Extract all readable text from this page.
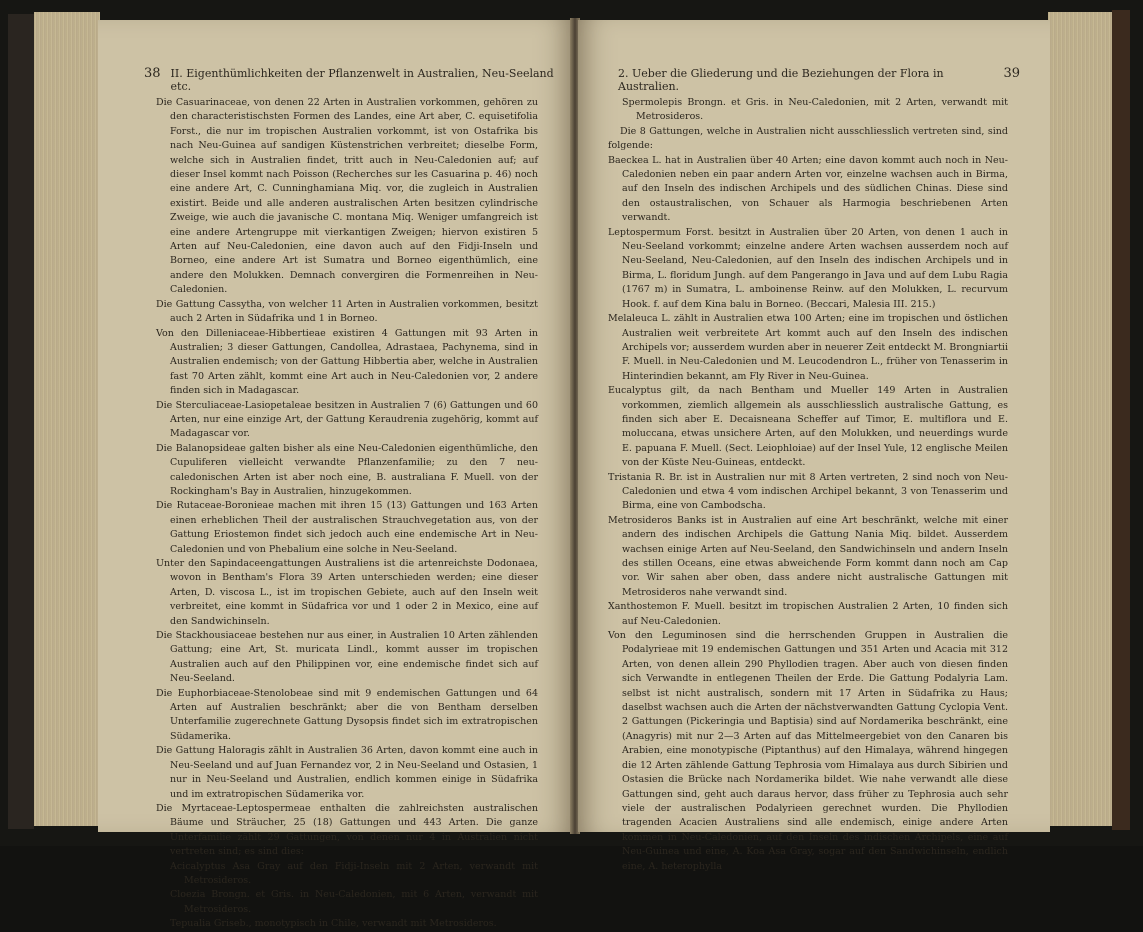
38 II. Eigenthümlichkeiten der Pflanzenwelt in Australien, Neu-Seeland etc.

Die Casuarinaceae, von denen 22 Arten in Australien vorkommen, gehören zu den characteristischsten Formen des Landes, eine Art aber, C. equisetifolia Forst., die nur im tropischen Australien vorkommt, ist von Ostafrika bis nach Neu-Guinea auf sandigen Küstenstrichen verbreitet; dieselbe Form, welche sich in Australien findet, tritt auch in Neu-Caledonien auf; auf dieser Insel kommt nach Poisson (Recherches sur les Casuarina p. 46) noch eine andere Art, C. Cunninghamiana Miq. vor, die zugleich in Australien existirt. Beide und alle anderen australischen Arten besitzen cylindrische Zweige, wie auch die javanische C. montana Miq. Weniger umfangreich ist eine andere Artengruppe mit vierkantigen Zweigen; hiervon existiren 5 Arten auf Neu-Caledonien, eine davon auch auf den Fidji-Inseln und Borneo, eine andere Art ist Sumatra und Borneo eigenthümlich, eine andere den Molukken. Demnach convergiren die Formenreihen in Neu-Caledonien.

Die Gattung Cassytha, von welcher 11 Arten in Australien vorkommen, besitzt auch 2 Arten in Südafrika und 1 in Borneo.

Von den Dilleniaceae-Hibbertieae existiren 4 Gattungen mit 93 Arten in Australien; 3 dieser Gattungen, Candollea, Adrastaea, Pachynema, sind in Australien endemisch; von der Gattung Hibbertia aber, welche in Australien fast 70 Arten zählt, kommt eine Art auch in Neu-Caledonien vor, 2 andere finden sich in Madagascar.

Die Sterculiaceae-Lasiopetaleae besitzen in Australien 7 (6) Gattungen und 60 Arten, nur eine einzige Art, der Gattung Keraudrenia zugehörig, kommt auf Madagascar vor.

Die Balanopsideae galten bisher als eine Neu-Caledonien eigenthümliche, den Cupuliferen vielleicht verwandte Pflanzenfamilie; zu den 7 neu-caledonischen Arten ist aber noch eine, B. australiana F. Muell. von der Rockingham's Bay in Australien, hinzugekommen.

Die Rutaceae-Boronieae machen mit ihren 15 (13) Gattungen und 163 Arten einen erheblichen Theil der australischen Strauchvegetation aus, von der Gattung Eriostemon findet sich jedoch auch eine endemische Art in Neu-Caledonien und von Phebalium eine solche in Neu-Seeland.

Unter den Sapindaceengattungen Australiens ist die artenreichste Dodonaea, wovon in Bentham's Flora 39 Arten unterschieden werden; eine dieser Arten, D. viscosa L., ist im tropischen Gebiete, auch auf den Inseln weit verbreitet, eine kommt in Südafrica vor und 1 oder 2 in Mexico, eine auf den Sandwichinseln.

Die Stackhousiaceae bestehen nur aus einer, in Australien 10 Arten zählenden Gattung; eine Art, St. muricata Lindl., kommt ausser im tropischen Australien auch auf den Philippinen vor, eine endemische findet sich auf Neu-Seeland.

Die Euphorbiaceae-Stenolobeae sind mit 9 endemischen Gattungen und 64 Arten auf Australien beschränkt; aber die von Bentham derselben Unterfamilie zugerechnete Gattung Dysopsis findet sich im extratropischen Südamerika.

Die Gattung Haloragis zählt in Australien 36 Arten, davon kommt eine auch in Neu-Seeland und auf Juan Fernandez vor, 2 in Neu-Seeland und Ostasien, 1 nur in Neu-Seeland und Australien, endlich kommen einige in Südafrika und im extratropischen Südamerika vor.

Die Myrtaceae-Leptospermeae enthalten die zahlreichsten australischen Bäume und Sträucher, 25 (18) Gattungen und 443 Arten. Die ganze Unterfamilie zählt 29 Gattungen, von denen nur 4 in Australien nicht vertreten sind; es sind dies:

Acicalyptus Asa Gray auf den Fidji-Inseln mit 2 Arten, verwandt mit Metrosideros.

Cloezia Brongn. et Gris. in Neu-Caledonien, mit 6 Arten, verwandt mit Metrosideros.

Tepualia Griseb., monotypisch in Chile, verwandt mit Metrosideros.

2. Ueber die Gliederung und die Beziehungen der Flora in Australien.
39

Spermolepis Brongn. et Gris. in Neu-Caledonien, mit 2 Arten, verwandt mit Metrosideros.

Die 8 Gattungen, welche in Australien nicht ausschliesslich vertreten sind, sind folgende:

Baeckea L. hat in Australien über 40 Arten; eine davon kommt auch noch in Neu-Caledonien neben ein paar andern Arten vor, einzelne wachsen auch in Birma, auf den Inseln des indischen Archipels und des südlichen Chinas. Diese sind den ostaustralischen, von Schauer als Harmogia beschriebenen Arten verwandt.

Leptospermum Forst. besitzt in Australien über 20 Arten, von denen 1 auch in Neu-Seeland vorkommt; einzelne andere Arten wachsen ausserdem noch auf Neu-Seeland, Neu-Caledonien, auf den Inseln des indischen Archipels und in Birma, L. floridum Jungh. auf dem Pangerango in Java und auf dem Lubu Ragia (1767 m) in Sumatra, L. amboinense Reinw. auf den Molukken, L. recurvum Hook. f. auf dem Kina balu in Borneo. (Beccari, Malesia III. 215.)

Melaleuca L. zählt in Australien etwa 100 Arten; eine im tropischen und östlichen Australien weit verbreitete Art kommt auch auf den Inseln des indischen Archipels vor; ausserdem wurden aber in neuerer Zeit entdeckt M. Brongniartii F. Muell. in Neu-Caledonien und M. Leucodendron L., früher von Tenasserim in Hinterindien bekannt, am Fly River in Neu-Guinea.

Eucalyptus gilt, da nach Bentham und Mueller 149 Arten in Australien vorkommen, ziemlich allgemein als ausschliesslich australische Gattung, es finden sich aber E. Decaisneana Scheffer auf Timor, E. multiflora und E. moluccana, etwas unsichere Arten, auf den Molukken, und neuerdings wurde E. papuana F. Muell. (Sect. Leiophloiae) auf der Insel Yule, 12 englische Meilen von der Küste Neu-Guineas, entdeckt.

Tristania R. Br. ist in Australien nur mit 8 Arten vertreten, 2 sind noch von Neu-Caledonien und etwa 4 vom indischen Archipel bekannt, 3 von Tenasserim und Birma, eine von Cambodscha.

Metrosideros Banks ist in Australien auf eine Art beschränkt, welche mit einer andern des indischen Archipels die Gattung Nania Miq. bildet. Ausserdem wachsen einige Arten auf Neu-Seeland, den Sandwichinseln und andern Inseln des stillen Oceans, eine etwas abweichende Form kommt dann noch am Cap vor. Wir sahen aber oben, dass andere nicht australische Gattungen mit Metrosideros nahe verwandt sind.

Xanthostemon F. Muell. besitzt im tropischen Australien 2 Arten, 10 finden sich auf Neu-Caledonien.

Von den Leguminosen sind die herrschenden Gruppen in Australien die Podalyrieae mit 19 endemischen Gattungen und 351 Arten und Acacia mit 312 Arten, von denen allein 290 Phyllodien tragen. Aber auch von diesen finden sich Verwandte in entlegenen Theilen der Erde. Die Gattung Podalyria Lam. selbst ist nicht australisch, sondern mit 17 Arten in Südafrika zu Haus; daselbst wachsen auch die Arten der nächstverwandten Gattung Cyclopia Vent. 2 Gattungen (Pickeringia und Baptisia) sind auf Nordamerika beschränkt, eine (Anagyris) mit nur 2—3 Arten auf das Mittelmeergebiet von den Canaren bis Arabien, eine monotypische (Piptanthus) auf den Himalaya, während hingegen die 12 Arten zählende Gattung Tephrosia vom Himalaya aus durch Sibirien und Ostasien die Brücke nach Nordamerika bildet. Wie nahe verwandt alle diese Gattungen sind, geht auch daraus hervor, dass früher zu Tephrosia auch sehr viele der australischen Podalyrieen gerechnet wurden. Die Phyllodien tragenden Acacien Australiens sind alle endemisch, einige andere Arten kommen in Neu-Caledonien, auf den Inseln des indischen Archipels, eine auf Neu-Guinea und eine, A. Koa Asa Gray, sogar auf den Sandwichinseln, endlich eine, A. heterophylla
